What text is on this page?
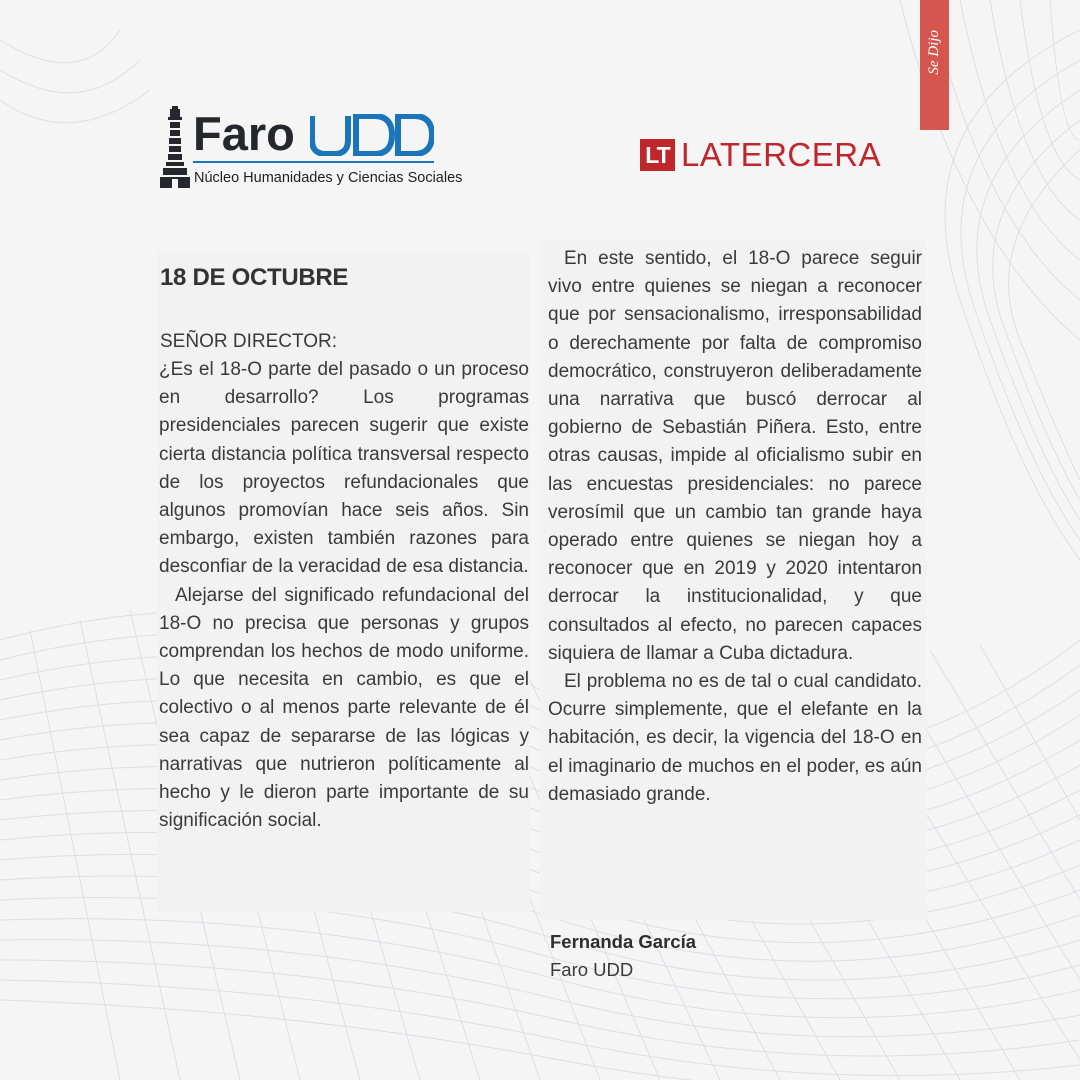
Se Dijo
Faro
Núcleo Humanidades y Ciencias Sociales
LT LATERCERA
18 DE OCTUBRE
SEÑOR DIRECTOR:

¿Es el 18-O parte del pasado o un proceso en desarrollo? Los programas presidenciales parecen sugerir que existe cierta distancia política transversal respecto de los proyectos refundacionales que algunos promovían hace seis años. Sin embargo, existen también razones para desconfiar de la veracidad de esa distancia.

Alejarse del significado refundacional del 18-O no precisa que personas y grupos comprendan los hechos de modo uniforme. Lo que necesita en cambio, es que el colectivo o al menos parte relevante de él sea capaz de separarse de las lógicas y narrativas que nutrieron políticamente al hecho y le dieron parte importante de su significación social.

En este sentido, el 18-O parece seguir vivo entre quienes se niegan a reconocer que por sensacionalismo, irresponsabilidad o derechamente por falta de compromiso democrático, construyeron deliberadamente una narrativa que buscó derrocar al gobierno de Sebastián Piñera. Esto, entre otras causas, impide al oficialismo subir en las encuestas presidenciales: no parece verosímil que un cambio tan grande haya operado entre quienes se niegan hoy a reconocer que en 2019 y 2020 intentaron derrocar la institucionalidad, y que consultados al efecto, no parecen capaces siquiera de llamar a Cuba dictadura.

El problema no es de tal o cual candidato. Ocurre simplemente, que el elefante en la habitación, es decir, la vigencia del 18-O en el imaginario de muchos en el poder, es aún demasiado grande.

Fernanda García
Faro UDD
